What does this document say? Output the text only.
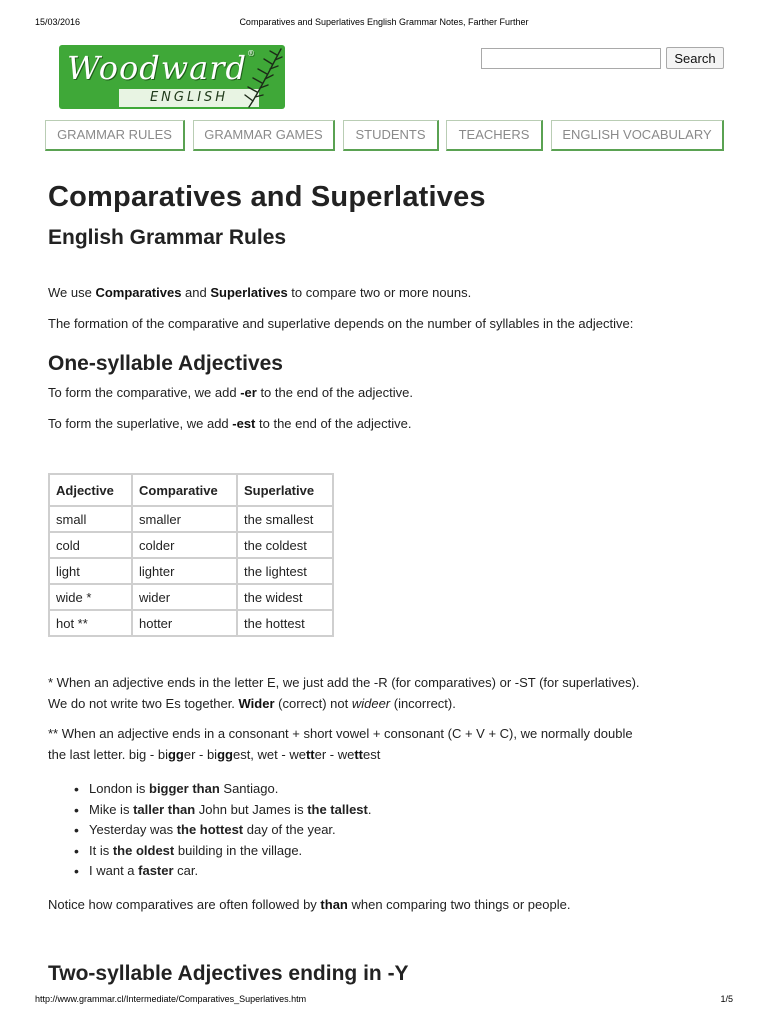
15/03/2016	Comparatives and Superlatives English Grammar Notes, Farther Further
Woodward®
ENGLISH
Search
GRAMMAR RULES	GRAMMAR GAMES	STUDENTS	TEACHERS	ENGLISH VOCABULARY
Comparatives and Superlatives
English Grammar Rules
We use Comparatives and Superlatives to compare two or more nouns.
The formation of the comparative and superlative depends on the number of syllables in the adjective:
One-syllable Adjectives
To form the comparative, we add -er to the end of the adjective.
To form the superlative, we add -est to the end of the adjective.
Adjective	Comparative	Superlative
small	smaller	the smallest
cold	colder	the coldest
light	lighter	the lightest
wide *	wider	the widest
hot **	hotter	the hottest
* When an adjective ends in the letter E, we just add the -R (for comparatives) or -ST (for superlatives).
We do not write two Es together. Wider (correct) not wideer (incorrect).
** When an adjective ends in a consonant + short vowel + consonant (C + V + C), we normally double
the last letter. big - bigger - biggest, wet - wetter - wettest
• London is bigger than Santiago.
• Mike is taller than John but James is the tallest.
• Yesterday was the hottest day of the year.
• It is the oldest building in the village.
• I want a faster car.
Notice how comparatives are often followed by than when comparing two things or people.
Two-syllable Adjectives ending in -Y
http://www.grammar.cl/Intermediate/Comparatives_Superlatives.htm	1/5
